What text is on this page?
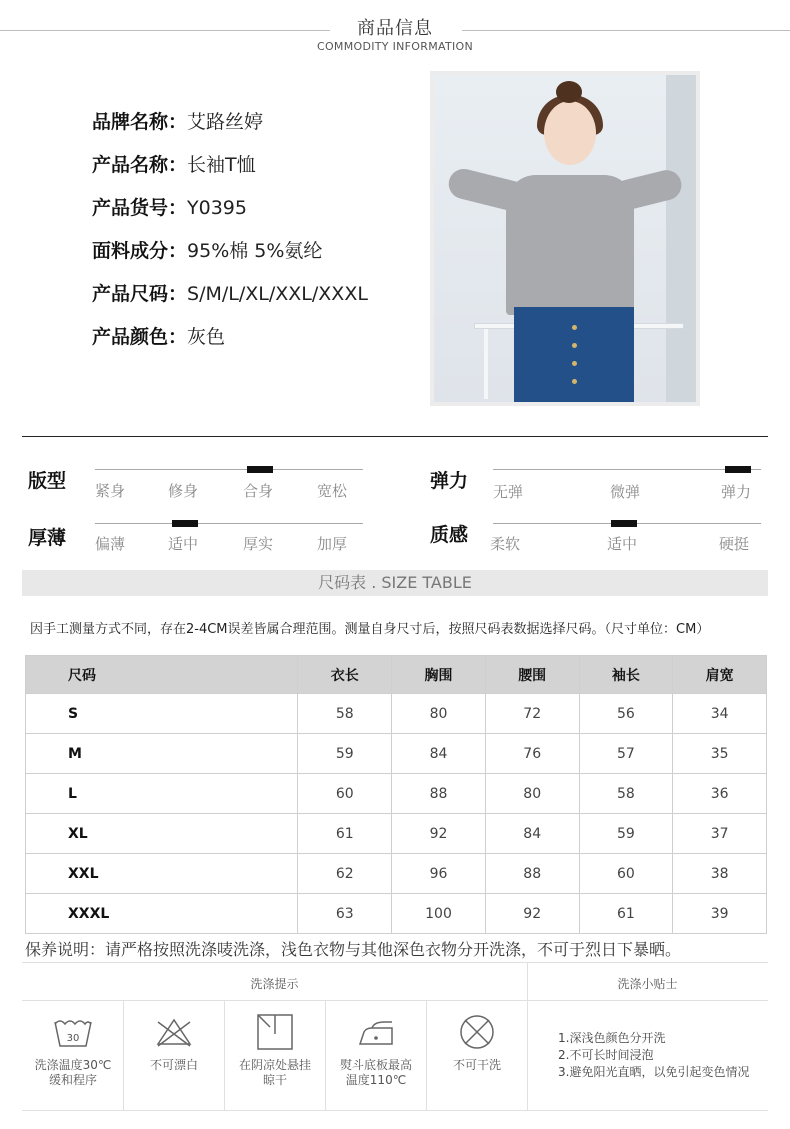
商品信息
COMMODITY INFORMATION
品牌名称：艾路丝婷
产品名称：长袖T恤
产品货号：Y0395
面料成分：95%棉 5%氨纶
产品尺码：S/M/L/XL/XXL/XXXL
产品颜色：灰色
版型 紧身	修身	合身	宽松	弹力 无弹	微弹	弹力
厚薄 偏薄	适中	厚实	加厚	质感 柔软	适中	硬挺
尺码表 . SIZE TABLE
因手工测量方式不同，存在2-4CM误差皆属合理范围。测量自身尺寸后，按照尺码表数据选择尺码。（尺寸单位：CM）
尺码	衣长	胸围	腰围	袖长	肩宽
S	58	80	72	56	34
M	59	84	76	57	35
L	60	88	80	58	36
XL	61	92	84	59	37
XXL	62	96	88	60	38
XXXL	63	100	92	61	39
保养说明：请严格按照洗涤唛洗涤，浅色衣物与其他深色衣物分开洗涤，不可于烈日下暴晒。
洗涤提示	洗涤小贴士
30
洗涤温度30℃
缓和程序
不可漂白	在阴凉处悬挂
晾干
熨斗底板最高
温度110℃
不可干洗
1.深浅色颜色分开洗
2.不可长时间浸泡
3.避免阳光直晒，以免引起变色情况
